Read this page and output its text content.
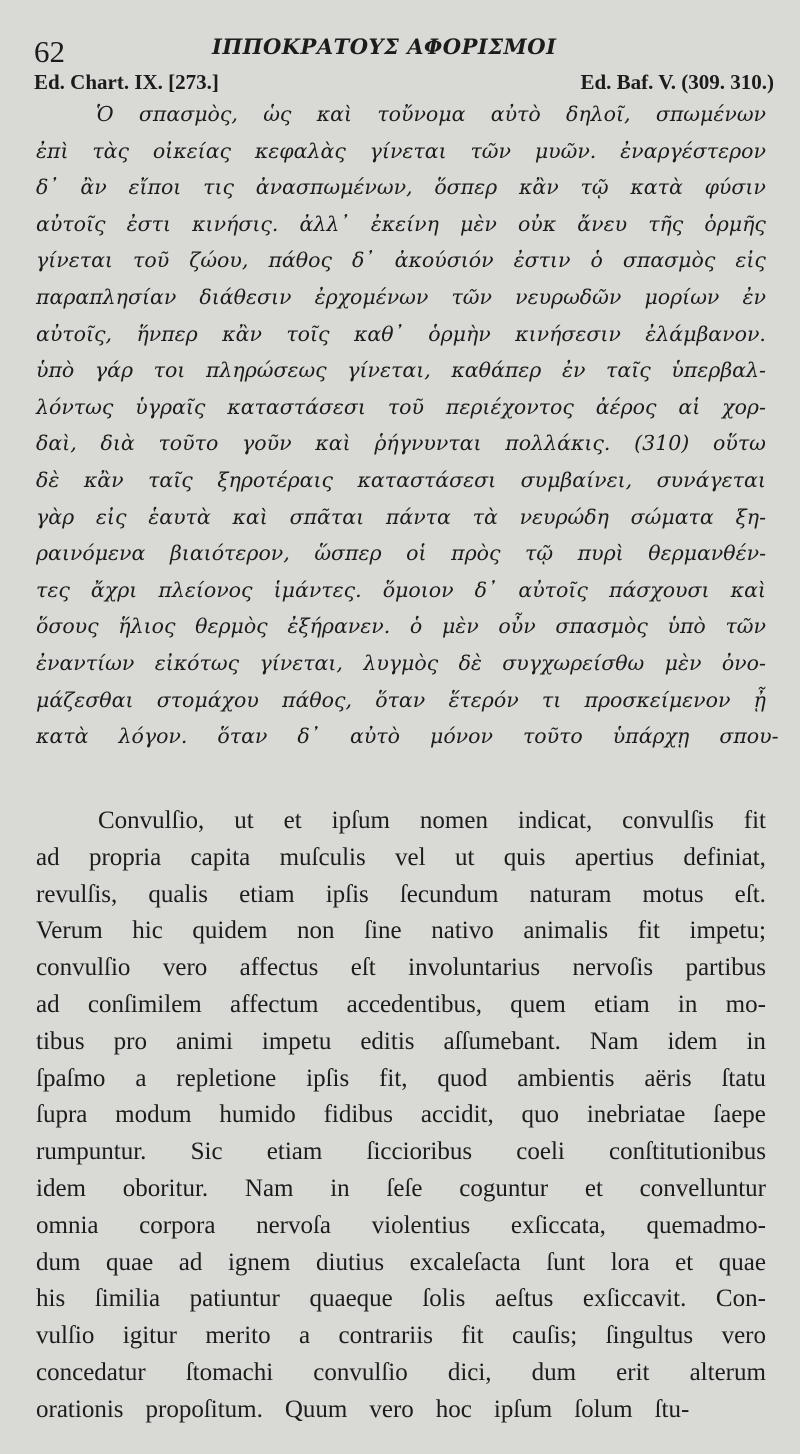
62	ΙΠΠΟΚΡΑΤΟΥΣ ΑΦΟΡΙΣΜΟΙ
Ed. Chart. IX. [273.]	Ed. Baf. V. (309. 310.)
Ὁ σπασμὸς, ὡς καὶ τοὔνομα αὐτὸ δηλοῖ, σπωμένων
ἐπὶ τὰς οἰκείας κεφαλὰς γίνεται τῶν μυῶν. ἐναργέστερον
δ᾽ ἂν εἴποι τις ἀνασπωμένων, ὅσπερ κἂν τῷ κατὰ φύσιν
αὐτοῖς ἐστι κινήσις. ἀλλ᾽ ἐκείνη μὲν οὐκ ἄνευ τῆς ὁρμῆς
γίνεται τοῦ ζώου, πάθος δ᾽ ἀκούσιόν ἐστιν ὁ σπασμὸς εἰς
παραπλησίαν διάθεσιν ἐρχομένων τῶν νευρωδῶν μορίων ἐν
αὐτοῖς, ἥνπερ κἂν τοῖς καθ᾽ ὁρμὴν κινήσεσιν ἐλάμβανον.
ὑπὸ γάρ τοι πληρώσεως γίνεται, καθάπερ ἐν ταῖς ὑπερβαλ-
λόντως ὑγραῖς καταστάσεσι τοῦ περιέχοντος ἀέρος αἱ χορ-
δαὶ, διὰ τοῦτο γοῦν καὶ ῥήγνυνται πολλάκις. (310) οὕτω
δὲ κἂν ταῖς ξηροτέραις καταστάσεσι συμβαίνει, συνάγεται
γὰρ εἰς ἑαυτὰ καὶ σπᾶται πάντα τὰ νευρώδη σώματα ξη-
ραινόμενα βιαιότερον, ὥσπερ οἱ πρὸς τῷ πυρὶ θερμανθέν-
τες ἄχρι πλείονος ἱμάντες. ὅμοιον δ᾽ αὐτοῖς πάσχουσι καὶ
ὅσους ἥλιος θερμὸς ἐξήρανεν. ὁ μὲν οὖν σπασμὸς ὑπὸ τῶν
ἐναντίων εἰκότως γίνεται, λυγμὸς δὲ συγχωρείσθω μὲν ὀνο-
μάζεσθαι στομάχου πάθος, ὅταν ἕτερόν τι προσκείμενον ᾖ
κατὰ λόγον. ὅταν δ᾽ αὐτὸ μόνον τοῦτο ὑπάρχῃ σπου-
Convulſio, ut et ipſum nomen indicat, convulſis fit
ad propria capita muſculis vel ut quis apertius definiat,
revulſis, qualis etiam ipſis ſecundum naturam motus eſt.
Verum hic quidem non ſine nativo animalis fit impetu;
convulſio vero affectus eſt involuntarius nervoſis partibus
ad conſimilem affectum accedentibus, quem etiam in mo-
tibus pro animi impetu editis aſſumebant. Nam idem in
ſpaſmo a repletione ipſis fit, quod ambientis aëris ſtatu
ſupra modum humido fidibus accidit, quo inebriatae ſaepe
rumpuntur. Sic etiam ſiccioribus coeli conſtitutionibus
idem oboritur. Nam in ſeſe coguntur et convelluntur
omnia corpora nervoſa violentius exſiccata, quemadmo-
dum quae ad ignem diutius excaleſacta ſunt lora et quae
his ſimilia patiuntur quaeque ſolis aeſtus exſiccavit. Con-
vulſio igitur merito a contrariis fit cauſis; ſingultus vero
concedatur ſtomachi convulſio dici, dum erit alterum
orationis propoſitum. Quum vero hoc ipſum ſolum ſtu-
